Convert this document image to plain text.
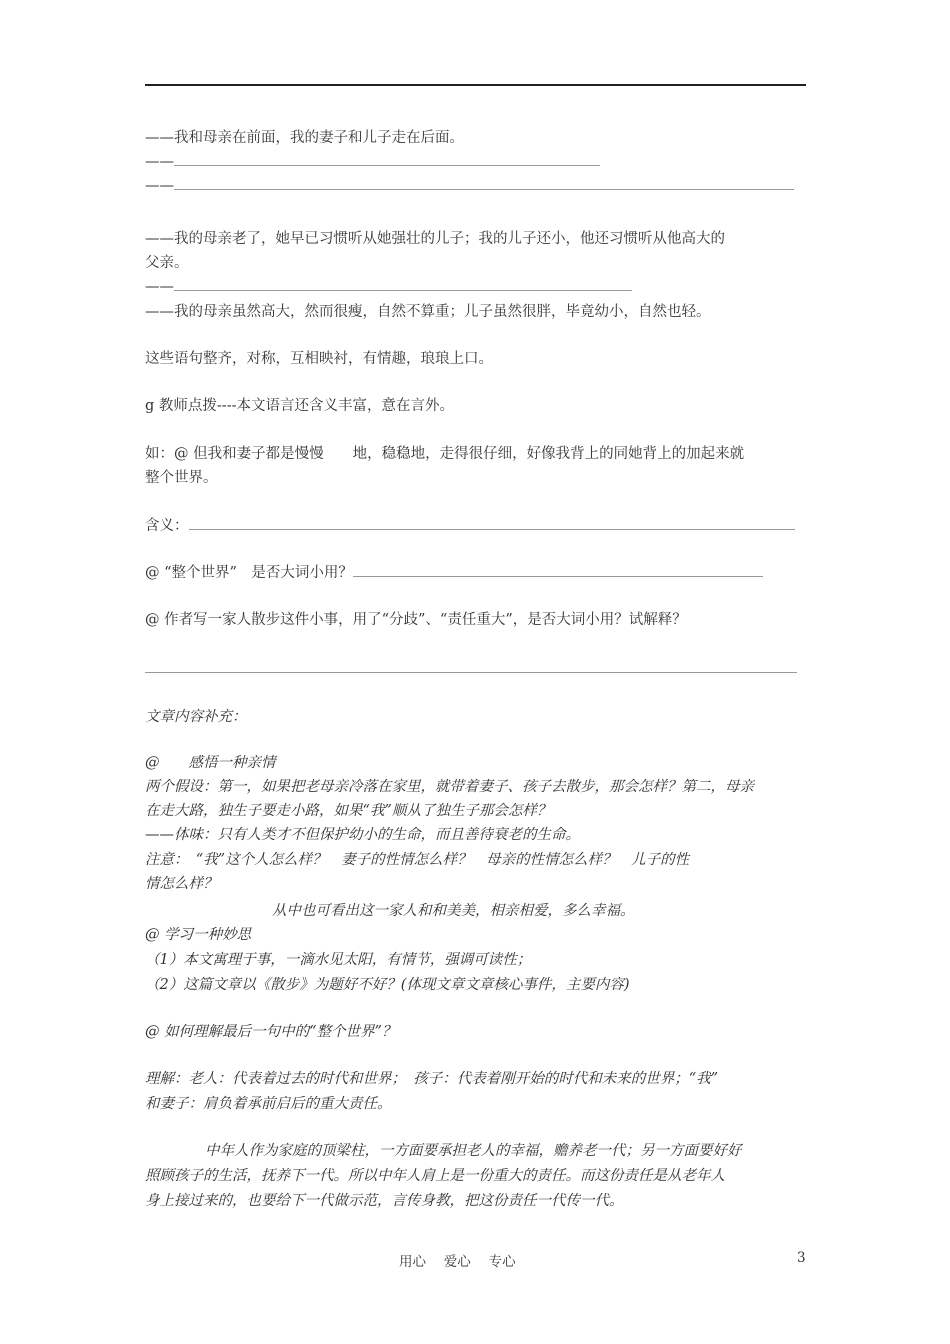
——我和母亲在前面，我的妻子和儿子走在后面。
——
——
——我的母亲老了，她早已习惯听从她强壮的儿子；我的儿子还小，他还习惯听从他高大的
父亲。
——
——我的母亲虽然高大，然而很瘦，自然不算重；儿子虽然很胖，毕竟幼小，自然也轻。
这些语句整齐，对称，互相映衬，有情趣，琅琅上口。
g 教师点拨----本文语言还含义丰富，意在言外。
如：@ 但我和妻子都是慢慢　　地，稳稳地，走得很仔细，好像我背上的同她背上的加起来就
整个世界。
含义：
@ “整个世界”　是否大词小用？
@ 作者写一家人散步这件小事，用了“分歧”、“责任重大”，是否大词小用？试解释？
文章内容补充：
@　　感悟一种亲情
两个假设：第一，如果把老母亲冷落在家里，就带着妻子、孩子去散步，那会怎样？第二，母亲
在走大路，独生子要走小路，如果“我”顺从了独生子那会怎样？
——体味：只有人类才不但保护幼小的生命，而且善待衰老的生命。
注意：　“我”这个人怎么样？　妻子的性情怎么样？　母亲的性情怎么样？　儿子的性
情怎么样？
从中也可看出这一家人和和美美，相亲相爱，多么幸福。
@ 学习一种妙思
（1）本文寓理于事，一滴水见太阳，有情节，强调可读性；
（2）这篇文章以《散步》为题好不好？(体现文章文章核心事件，主要内容)
@ 如何理解最后一句中的“整个世界”？
理解：老人：代表着过去的时代和世界；　孩子：代表着刚开始的时代和未来的世界；“我”
和妻子：肩负着承前启后的重大责任。
中年人作为家庭的顶梁柱，一方面要承担老人的幸福，赡养老一代；另一方面要好好
照顾孩子的生活，抚养下一代。所以中年人肩上是一份重大的责任。而这份责任是从老年人
身上接过来的，也要给下一代做示范，言传身教，把这份责任一代传一代。
用心　 爱心　 专心	3
